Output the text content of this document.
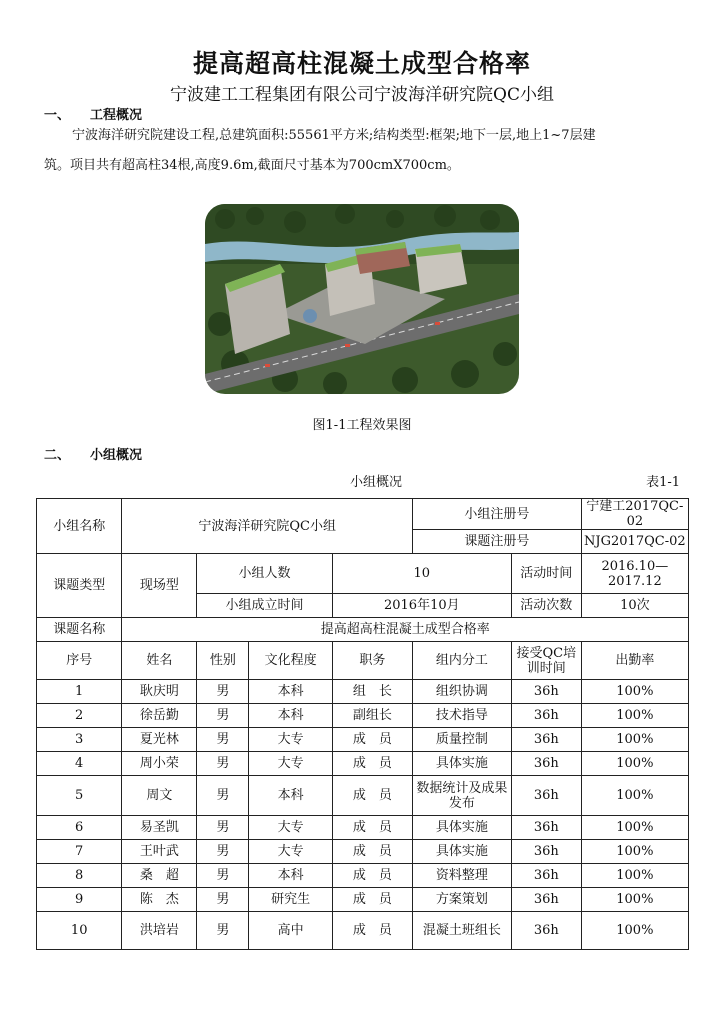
提高超高柱混凝土成型合格率
宁波建工工程集团有限公司宁波海洋研究院QC小组
一、 工程概况
宁波海洋研究院建设工程,总建筑面积:55561平方米;结构类型:框架;地下一层,地上1~7层建
筑。项目共有超高柱34根,高度9.6m,截面尺寸基本为700cmX700cm。
图1-1工程效果图
二、 小组概况
小组概况	表1-1
小组名称	宁波海洋研究院QC小组				小组注册号		宁建工2017QC-02
					课题注册号		NJG2017QC-02
课题类型	现场型	小组人数		10		活动时间	2016.10—2017.12
		小组成立时间		2016年10月		活动次数	10次
课题名称	提高超高柱混凝土成型合格率						
序号	姓名	性别	文化程度	职务	组内分工	接受QC培训时间	出勤率
1	耿庆明	男	本科	组　长	组织协调	36h	100%
2	徐岳勤	男	本科	副组长	技术指导	36h	100%
3	夏光林	男	大专	成　员	质量控制	36h	100%
4	周小荣	男	大专	成　员	具体实施	36h	100%
5	周文	男	本科	成　员	数据统计及成果发布	36h	100%
6	易圣凯	男	大专	成　员	具体实施	36h	100%
7	王叶武	男	大专	成　员	具体实施	36h	100%
8	桑　超	男	本科	成　员	资料整理	36h	100%
9	陈　杰	男	研究生	成　员	方案策划	36h	100%
10	洪培岩	男	高中	成　员	混凝土班组长	36h	100%
